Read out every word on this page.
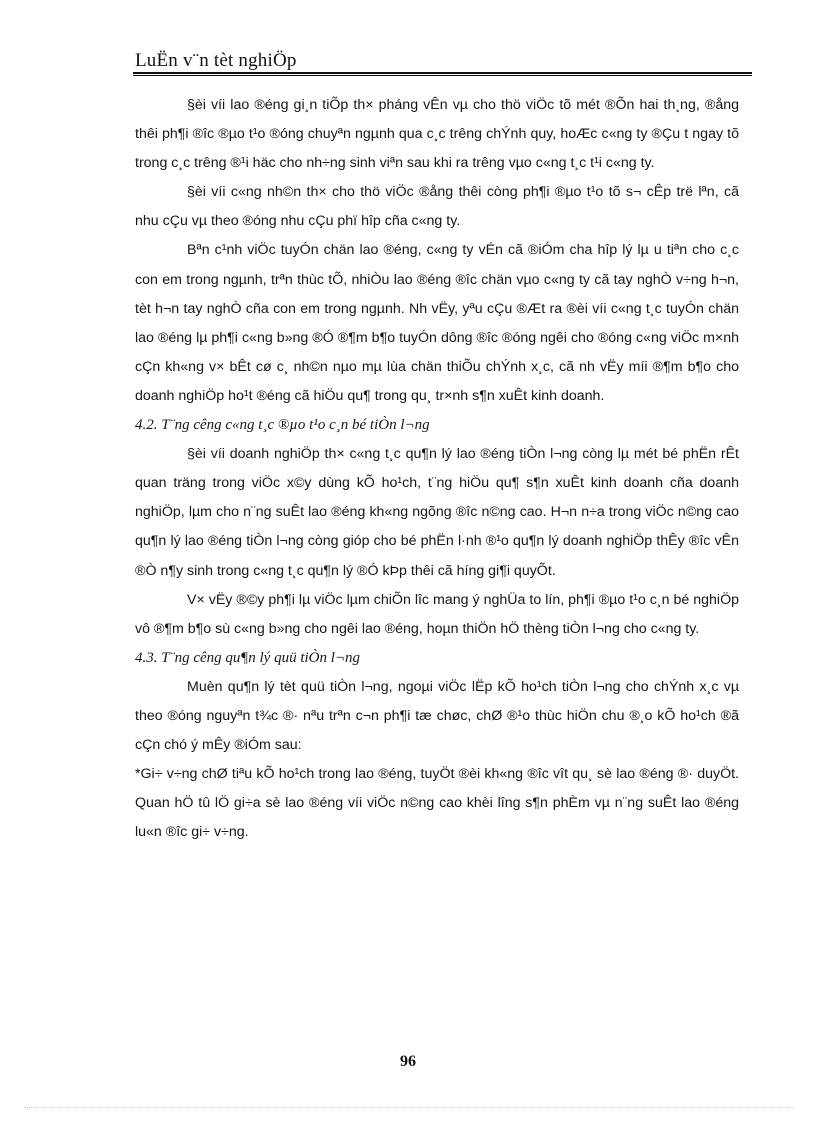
LuËn v¨n tèt nghiÖp

§èi víi lao ®éng gi¸n tiÕp th× pháng vÊn vµ cho thö viÖc tõ mét ®Õn hai th¸ng, ®ång thêi ph¶i ®îc ®µo t¹o ®óng chuyªn ngµnh qua c¸c trêng chÝnh quy, hoÆc c«ng ty ®Çu t ngay tõ trong c¸c trêng ®¹i häc cho nh÷ng sinh viªn sau khi ra trêng vµo c«ng t¸c t¹i c«ng ty.

§èi víi c«ng nh©n th× cho thö viÖc ®ång thêi còng ph¶i ®µo t¹o tõ s¬ cÊp trë lªn, cã nhu cÇu vµ theo ®óng nhu cÇu phï hîp cña c«ng ty.

Bªn c¹nh viÖc tuyÓn chän lao ®éng, c«ng ty vÉn cã ®iÓm cha hîp lý lµ u tiªn cho c¸c con em trong ngµnh, trªn thùc tÕ, nhiÒu lao ®éng ®îc chän vµo c«ng ty cã tay nghÒ v÷ng h¬n, tèt h¬n tay nghÒ cña con em trong ngµnh. Nh vËy, yªu cÇu ®Æt ra ®èi víi c«ng t¸c tuyÓn chän lao ®éng lµ ph¶i c«ng b»ng ®Ó ®¶m b¶o tuyÓn dông ®îc ®óng ngêi cho ®óng c«ng viÖc m×nh cÇn kh«ng v× bÊt cø c¸ nh©n nµo mµ lùa chän thiÕu chÝnh x¸c, cã nh vËy míi ®¶m b¶o cho doanh nghiÖp ho¹t ®éng cã hiÖu qu¶ trong qu¸ tr×nh s¶n xuÊt kinh doanh.

4.2. T¨ng cêng c«ng t¸c ®µo t¹o c¸n bé tiÒn l¬ng

§èi víi doanh nghiÖp th× c«ng t¸c qu¶n lý lao ®éng tiÒn l¬ng còng lµ mét bé phËn rÊt quan träng trong viÖc x©y dùng kÕ ho¹ch, t¨ng hiÖu qu¶ s¶n xuÊt kinh doanh cña doanh nghiÖp, lµm cho n¨ng suÊt lao ®éng kh«ng ngõng ®îc n©ng cao. H¬n n÷a trong viÖc n©ng cao qu¶n lý lao ®éng tiÒn l¬ng còng gióp cho bé phËn l·nh ®¹o qu¶n lý doanh nghiÖp thÊy ®îc vÊn ®Ò n¶y sinh trong c«ng t¸c qu¶n lý ®Ó kÞp thêi cã híng gi¶i quyÕt.

V× vËy ®©y ph¶i lµ viÖc lµm chiÕn lîc mang ý nghÜa to lín, ph¶i ®µo t¹o c¸n bé nghiÖp vô ®¶m b¶o sù c«ng b»ng cho ngêi lao ®éng, hoµn thiÖn hÖ thèng tiÒn l¬ng cho c«ng ty.

4.3. T¨ng cêng qu¶n lý quü tiÒn l¬ng

Muèn qu¶n lý tèt quü tiÒn l¬ng, ngoµi viÖc lËp kÕ ho¹ch tiÒn l¬ng cho chÝnh x¸c vµ theo ®óng nguyªn t¾c ®· nªu trªn c¬n ph¶i tæ chøc, chØ ®¹o thùc hiÖn chu ®¸o kÕ ho¹ch ®ã cÇn chó ý mÊy ®iÓm sau:

*Gi÷ v÷ng chØ tiªu kÕ ho¹ch trong lao ®éng, tuyÖt ®èi kh«ng ®îc vît qu¸ sè lao ®éng ®· duyÖt. Quan hÖ tû lÖ gi÷a sè lao ®éng víi viÖc n©ng cao khèi lîng s¶n phÈm vµ n¨ng suÊt lao ®éng lu«n ®îc gi÷ v÷ng.

96
